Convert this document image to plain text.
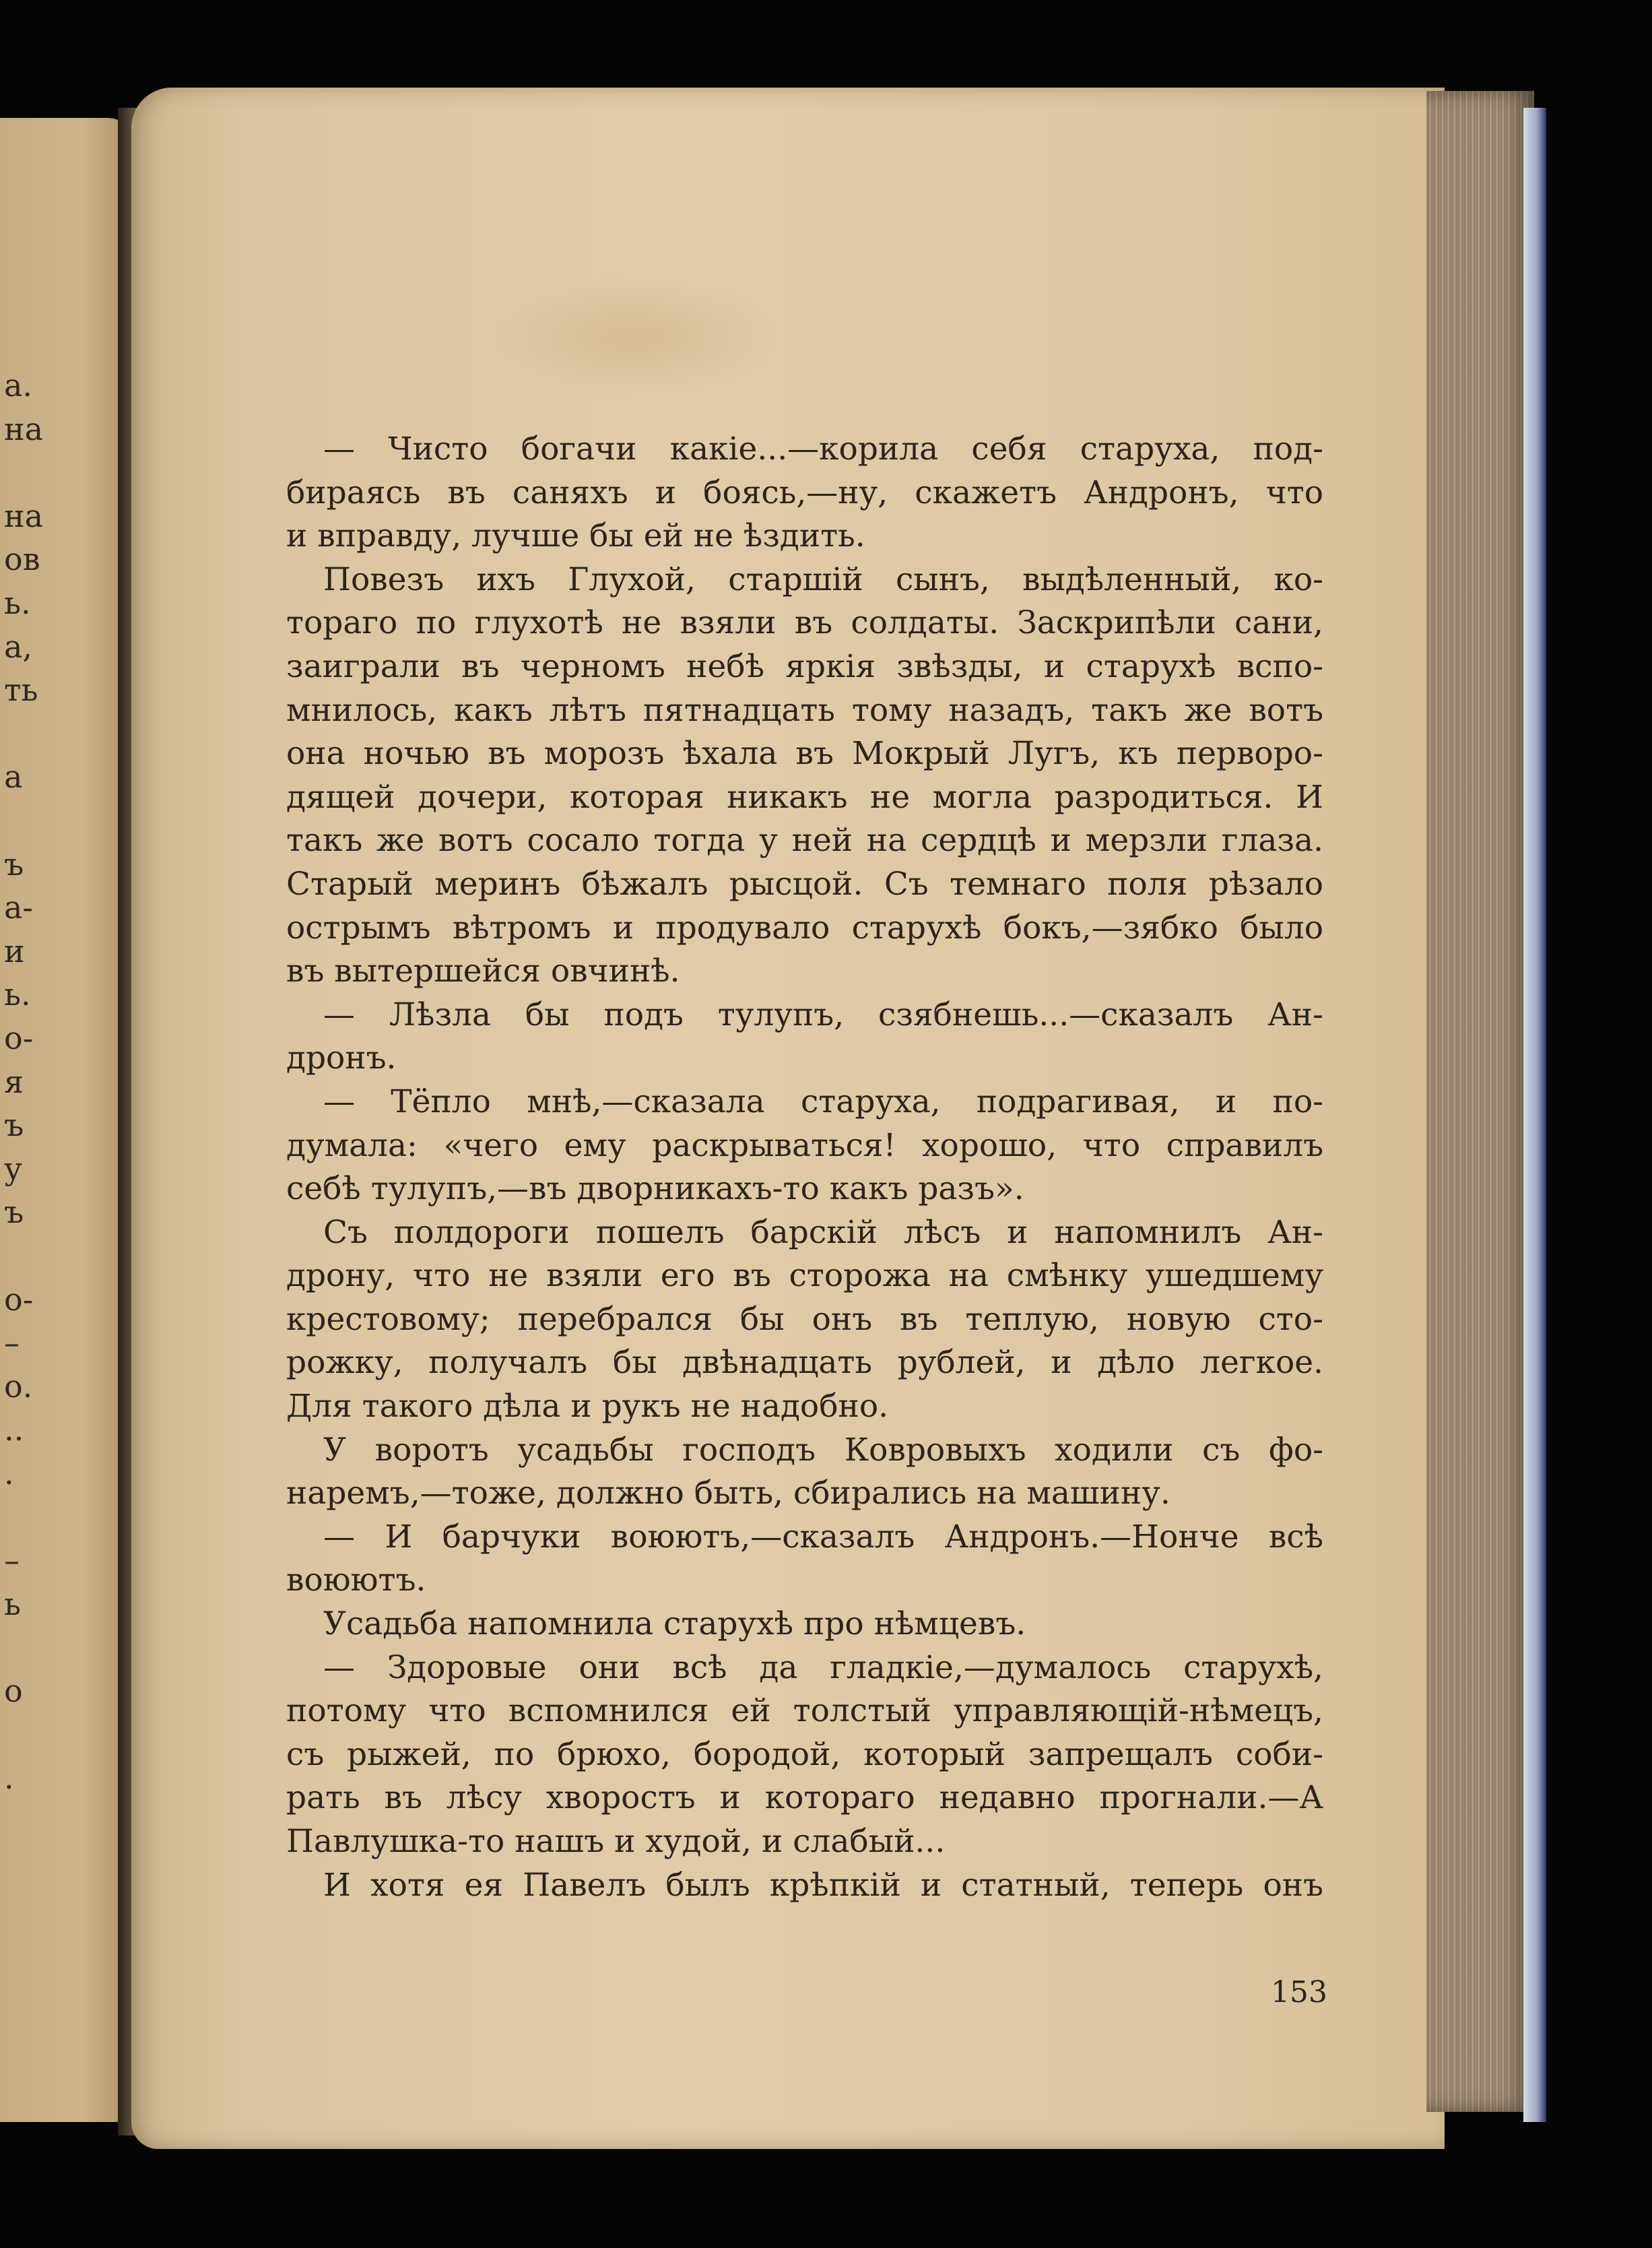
а.
на
на
ов
ь.
а,
ть
а
ъ
а-
и
ь.
о-
я
ъ
у
ъ
о-
–
о.
..
.
–
ь
о
.
— Чисто богачи какіе...—корила себя старуха, под-
бираясь въ саняхъ и боясь,—ну, скажетъ Андронъ, что
и вправду, лучше бы ей не ѣздить.
Повезъ ихъ Глухой, старшій сынъ, выдѣленный, ко-
тораго по глухотѣ не взяли въ солдаты. Заскрипѣли сани,
заиграли въ черномъ небѣ яркія звѣзды, и старухѣ вспо-
мнилось, какъ лѣтъ пятнадцать тому назадъ, такъ же вотъ
она ночью въ морозъ ѣхала въ Мокрый Лугъ, къ перворо-
дящей дочери, которая никакъ не могла разродиться. И
такъ же вотъ сосало тогда у ней на сердцѣ и мерзли глаза.
Старый меринъ бѣжалъ рысцой. Съ темнаго поля рѣзало
острымъ вѣтромъ и продувало старухѣ бокъ,—зябко было
въ вытершейся овчинѣ.
— Лѣзла бы подъ тулупъ, сзябнешь...—сказалъ Ан-
дронъ.
— Тёпло мнѣ,—сказала старуха, подрагивая, и по-
думала: «чего ему раскрываться! хорошо, что справилъ
себѣ тулупъ,—въ дворникахъ-то какъ разъ».
Съ полдороги пошелъ барскій лѣсъ и напомнилъ Ан-
дрону, что не взяли его въ сторожа на смѣнку ушедшему
крестовому; перебрался бы онъ въ теплую, новую сто-
рожку, получалъ бы двѣнадцать рублей, и дѣло легкое.
Для такого дѣла и рукъ не надобно.
У воротъ усадьбы господъ Ковровыхъ ходили съ фо-
наремъ,—тоже, должно быть, сбирались на машину.
— И барчуки воюютъ,—сказалъ Андронъ.—Нонче всѣ
воюютъ.
Усадьба напомнила старухѣ про нѣмцевъ.
— Здоровые они всѣ да гладкіе,—думалось старухѣ,
потому что вспомнился ей толстый управляющій-нѣмецъ,
съ рыжей, по брюхо, бородой, который запрещалъ соби-
рать въ лѣсу хворостъ и котораго недавно прогнали.—А
Павлушка-то нашъ и худой, и слабый...
И хотя ея Павелъ былъ крѣпкій и статный, теперь онъ
153
